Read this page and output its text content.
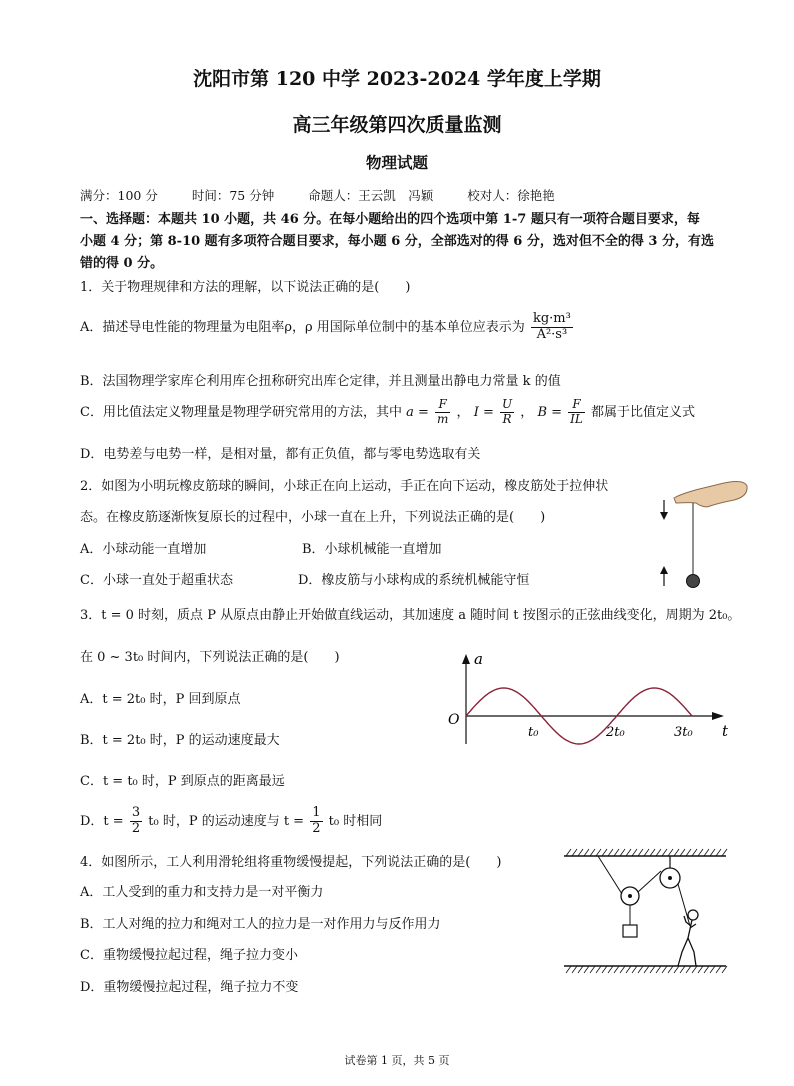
沈阳市第 120 中学 2023-2024 学年度上学期
高三年级第四次质量监测
物理试题
满分：100 分	时间：75 分钟	命题人：王云凯　冯颖	校对人：徐艳艳
一、选择题：本题共 10 小题，共 46 分。在每小题给出的四个选项中第 1-7 题只有一项符合题目要求，每
小题 4 分；第 8-10 题有多项符合题目要求，每小题 6 分，全部选对的得 6 分，选对但不全的得 3 分，有选
错的得 0 分。
1．关于物理规律和方法的理解，以下说法正确的是(　　)
A．描述导电性能的物理量为电阻率ρ，ρ 用国际单位制中的基本单位应表示为 $\frac{\text{kg·m³}}{\text{A²·s³}}$
B．法国物理学家库仑利用库仑扭称研究出库仑定律，并且测量出静电力常量 k 的值
C．用比值法定义物理量是物理学研究常用的方法，其中 $a = \frac{F}{m}$ ， $I = \frac{U}{R}$ ， $B = \frac{F}{IL}$ 都属于比值定义式
D．电势差与电势一样，是相对量，都有正负值，都与零电势选取有关
2．如图为小明玩橡皮筋球的瞬间，小球正在向上运动，手正在向下运动，橡皮筋处于拉伸状
态。在橡皮筋逐渐恢复原长的过程中，小球一直在上升，下列说法正确的是(　　)
A．小球动能一直增加	B．小球机械能一直增加
C．小球一直处于超重状态	D．橡皮筋与小球构成的系统机械能守恒
3．t = 0 时刻，质点 P 从原点由静止开始做直线运动，其加速度 a 随时间 t 按图示的正弦曲线变化，周期为 2t₀。
在 0 ~ 3t₀ 时间内，下列说法正确的是(　　)
A．t = 2t₀ 时，P 回到原点
B．t = 2t₀ 时，P 的运动速度最大
C．t = t₀ 时，P 到原点的距离最远
D．$t = \frac{3}{2} t_0$ 时，P 的运动速度与 $t = \frac{1}{2} t_0$ 时相同
a
t
O
t₀	2t₀	3t₀
4．如图所示，工人利用滑轮组将重物缓慢提起，下列说法正确的是(　　)
A．工人受到的重力和支持力是一对平衡力
B．工人对绳的拉力和绳对工人的拉力是一对作用力与反作用力
C．重物缓慢拉起过程，绳子拉力变小
D．重物缓慢拉起过程，绳子拉力不变
试卷第 1 页，共 5 页
